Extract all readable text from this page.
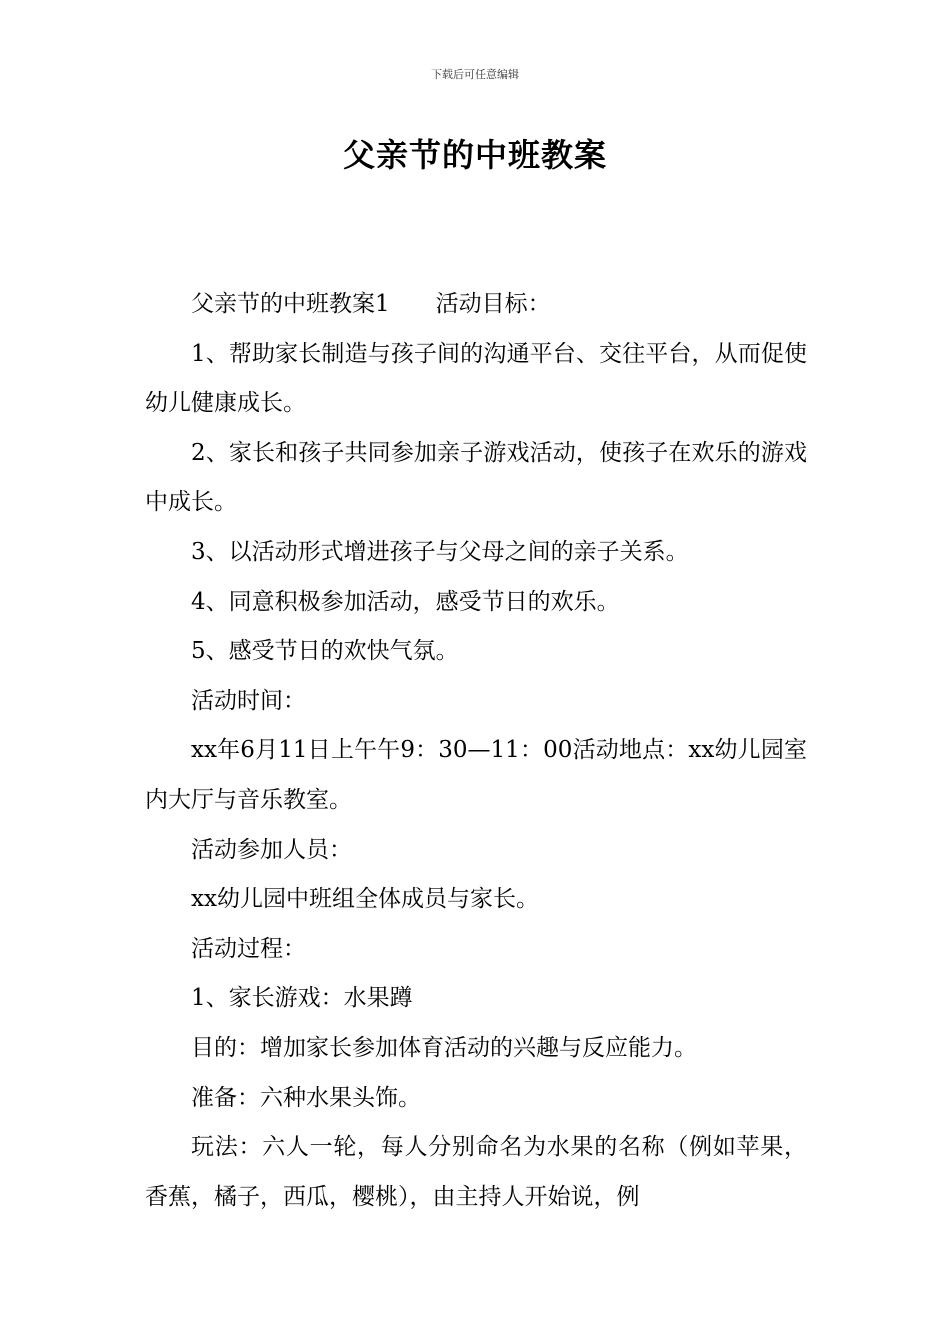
下载后可任意编辑
父亲节的中班教案

父亲节的中班教案1 活动目标：

1、帮助家长制造与孩子间的沟通平台、交往平台，从而促使幼儿健康成长。

2、家长和孩子共同参加亲子游戏活动，使孩子在欢乐的游戏中成长。

3、以活动形式增进孩子与父母之间的亲子关系。

4、同意积极参加活动，感受节日的欢乐。

5、感受节日的欢快气氛。

活动时间：

xx年6月11日上午午9：30—11：00活动地点：xx幼儿园室内大厅与音乐教室。

活动参加人员：

xx幼儿园中班组全体成员与家长。

活动过程：

1、家长游戏：水果蹲

目的：增加家长参加体育活动的兴趣与反应能力。

准备：六种水果头饰。

玩法：六人一轮，每人分别命名为水果的名称（例如苹果，香蕉，橘子，西瓜，樱桃），由主持人开始说，例
